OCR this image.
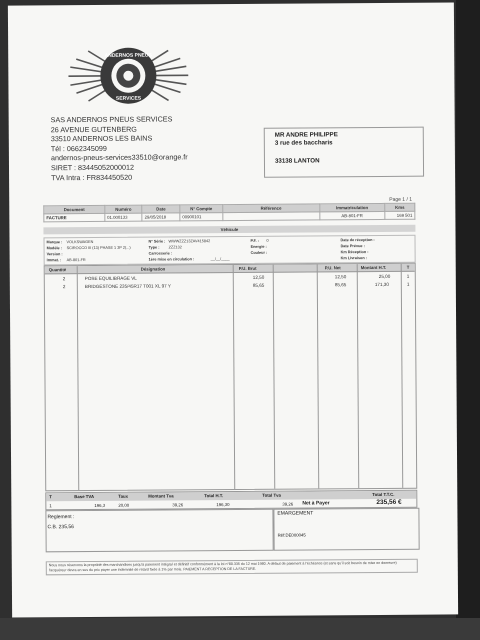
ANDERNOS PNEUS
SERVICES
SAS ANDERNOS PNEUS SERVICES
26 AVENUE GUTENBERG
33510 ANDERNOS LES BAINS
Tél : 0662345099
andernos-pneus-services33510@orange.fr
SIRET : 83445052000012
TVA Intra : FR834450520
MR ANDRE PHILIPPE
3 rue des baccharis
33138 LANTON
Page 1 / 1
Document	Numéro	Date	N° Compte	Référence	Immatriculation	Kms
FACTURE	01.000133	29/05/2018	00900101		AB-801-FR	169 501
Véhicule
Marque : VOLKSWAGEN
Modèle : SCIROCCO III (13) PHASE 1 3P 2(...)
Version :
Immat. : AB-801-FR
N° Série : WWWZZZ13ZAV415842
Type : ZZZ132
Carrosserie :
1ère mise en circulation :	__/__/____
P.F. : 0
Energie :
Couleur :
Date de réception :
Date Prévue :
Km Réception :
Km Livraison :
Quantité	Désignation	P.U. Brut	P.U. Net	Montant H.T.	T
2	POSE EQUILIBRAGE VL	12,50	12,50	25,00	1
2	BRIDGESTONE 235/45R17 T001 XL 97 Y	85,65	85,65	171,30	1
T	Base TVA	Taux	Montant Tva	Total H.T.	Total Tva	Total T.T.C.
1	196,3	20,00	39,26	196,30	39,26 Net à Payer	235,56 €
Reglement :
C.B. 235,56
EMARGEMENT
Réf:DE000045
Nous nous réservons la propriété des marchandises jusqu'à paiement intégral et définitif conformément à la loi n°80.335 du 12 mai 1980. A défaut de paiement à l'échéance (et sans qu'il soit besoin de mise en demeure) l'acquéreur devra en sus du prix payer une indemnité de retard fixée à 1% par mois. PAIEMENT A RECEPTION DE LA FACTURE.
